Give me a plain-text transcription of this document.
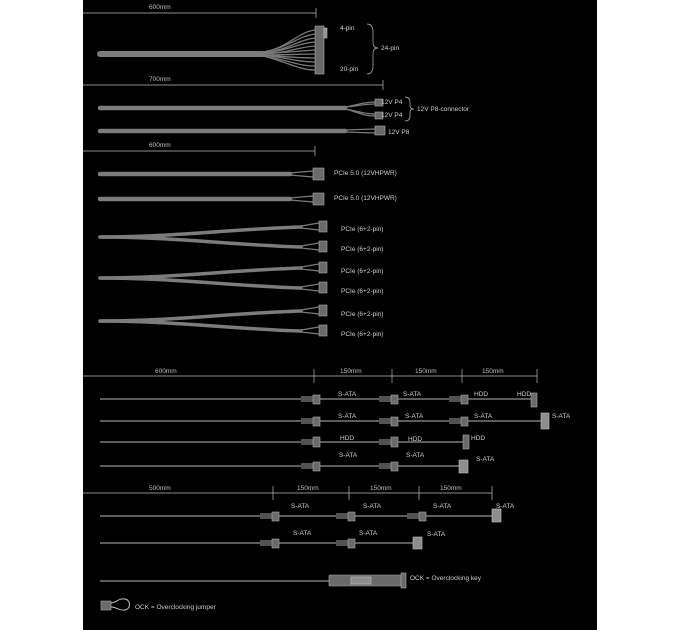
600mm
4-pin
20-pin
24-pin
700mm
12V P4
12V P4
12V P8-connector
12V P8
600mm
PCIe 5.0 (12VHPWR)
PCIe 5.0 (12VHPWR)
PCIe (6+2-pin)
PCIe (6+2-pin)
PCIe (6+2-pin)
PCIe (6+2-pin)
PCIe (6+2-pin)
PCIe (6+2-pin)
600mm	150mm	150mm	150mm
S-ATA	S-ATA	HDD	HDD
S-ATA	S-ATA	S-ATA	S-ATA
HDD	HDD	HDD
S-ATA	S-ATA
S-ATA
500mm	150mm	150mm	150mm
S-ATA	S-ATA	S-ATA	S-ATA
S-ATA	S-ATA	S-ATA
OCK = Overclocking key
OCK = Overclocking jumper
